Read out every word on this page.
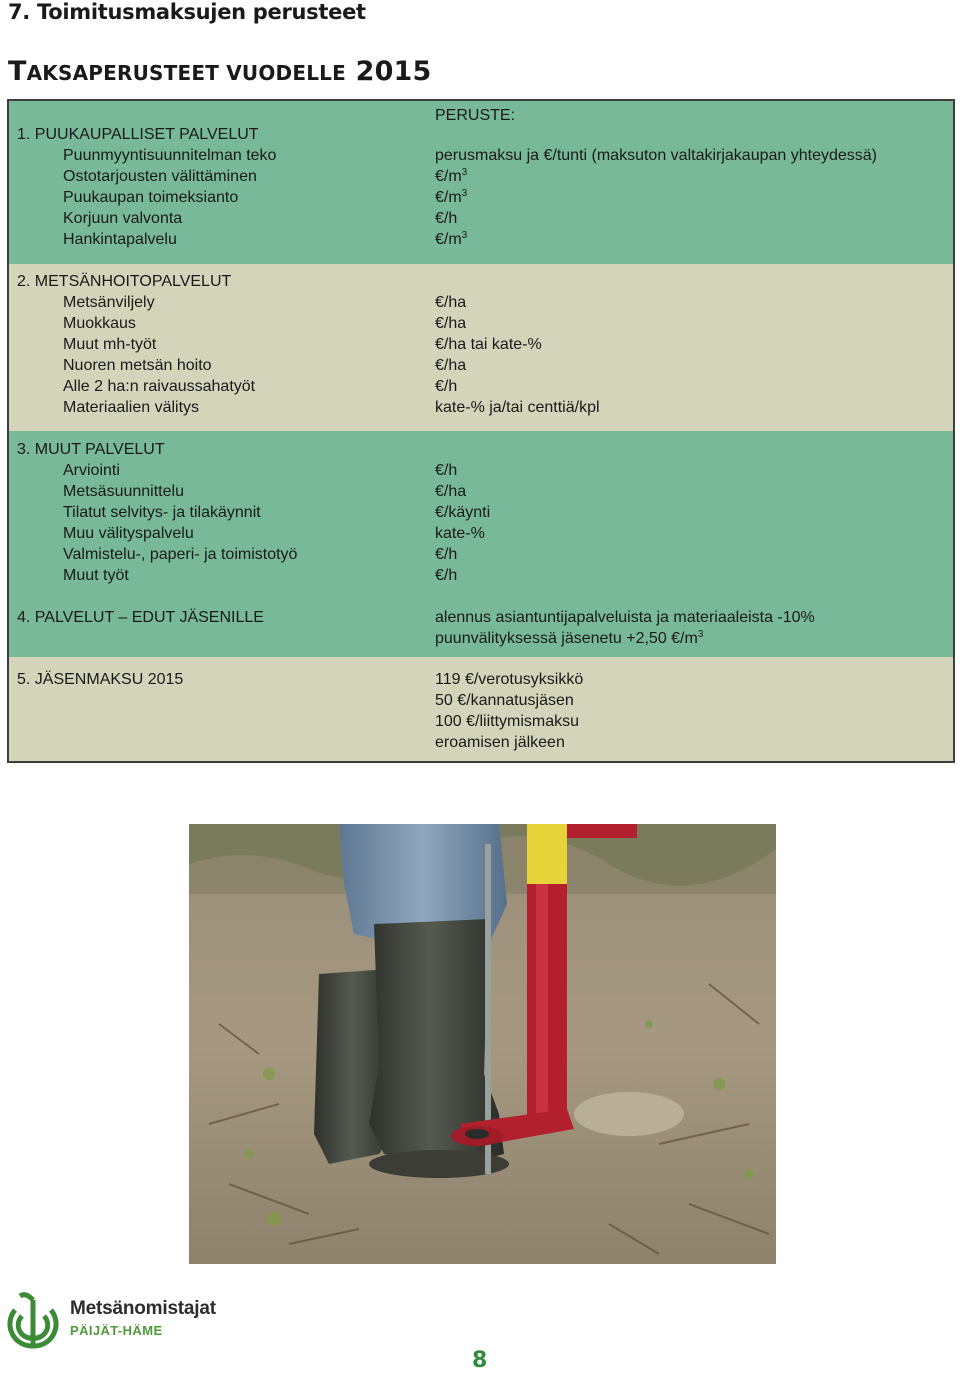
7. Toimitusmaksujen perusteet
TAKSAPERUSTEET VUODELLE 2015
PERUSTE:
1. PUUKAUPALLISET PALVELUT
Puunmyyntisuunnitelman teko	perusmaksu ja €/tunti (maksuton valtakirjakaupan yhteydessä)
Ostotarjousten välittäminen	$€/m^3$
Puukaupan toimeksianto	$€/m^3$
Korjuun valvonta	€/h
Hankintapalvelu	$€/m^3$
2. METSÄNHOITOPALVELUT
Metsänviljely	€/ha
Muokkaus	€/ha
Muut mh-työt	€/ha tai kate-%
Nuoren metsän hoito	€/ha
Alle 2 ha:n raivaussahatyöt	€/h
Materiaalien välitys	kate-% ja/tai centtiä/kpl
3. MUUT PALVELUT
Arviointi	€/h
Metsäsuunnittelu	€/ha
Tilatut selvitys- ja tilakäynnit	€/käynti
Muu välityspalvelu	kate-%
Valmistelu-, paperi- ja toimistotyö	€/h
Muut työt	€/h
4. PALVELUT – EDUT JÄSENILLE	alennus asiantuntijapalveluista ja materiaaleista -10%
puunvälityksessä jäsenetu +2,50 $€/m^3$
5. JÄSENMAKSU 2015	119 €/verotusyksikkö
50 €/kannatusjäsen
100 €/liittymismaksu
eroamisen jälkeen
Metsänomistajat
PÄIJÄT-HÄME
8
